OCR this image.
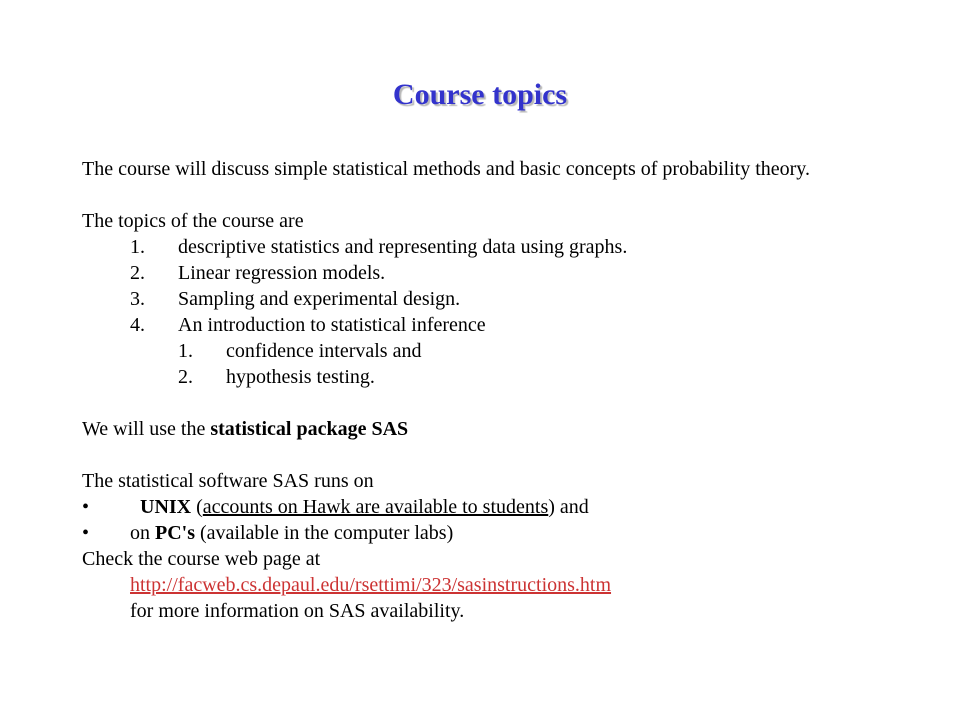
Course topics
The course will discuss simple statistical methods and basic concepts of probability theory.
The topics of the course are
1. descriptive statistics and representing data using graphs.
2. Linear regression models.
3. Sampling and experimental design.
4. An introduction to statistical inference
1. confidence intervals and
2. hypothesis testing.
We will use the statistical package SAS
The statistical software SAS runs on
•	UNIX (accounts on Hawk are available to students) and
• on PC's (available in the computer labs)
Check the course web page at
http://facweb.cs.depaul.edu/rsettimi/323/sasinstructions.htm
for more information on SAS availability.
